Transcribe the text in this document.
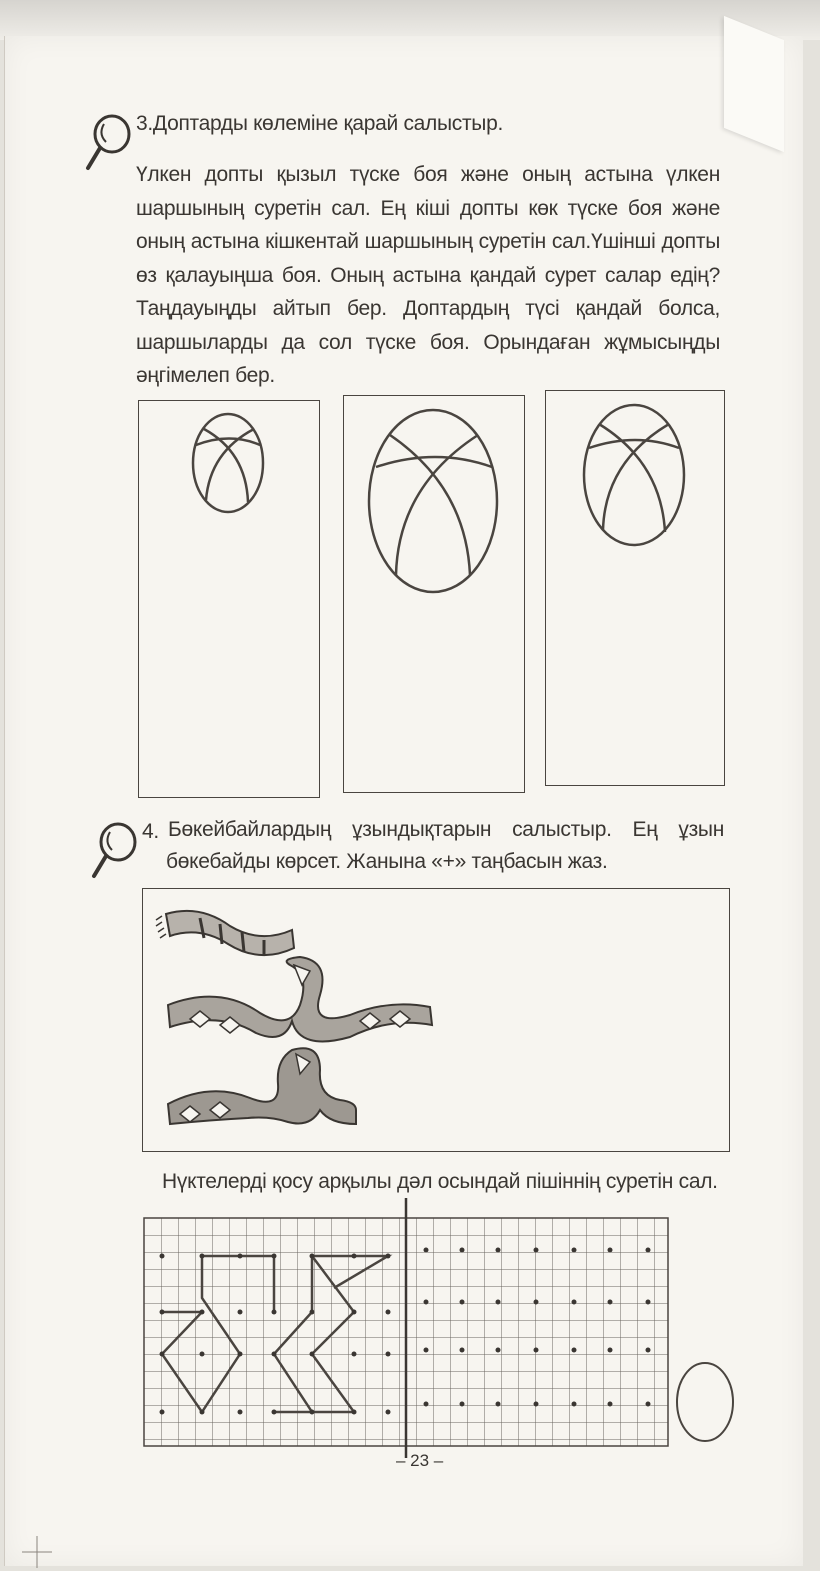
3.Доптарды көлеміне қарай салыстыр.
Үлкен допты қызыл түске боя және оның астына үлкен шаршының суретін сал. Ең кіші допты көк түске боя және оның астына кішкентай шаршының суретін сал.Үшінші допты өз қалауыңша боя. Оның астына қандай сурет салар едің? Таңдауыңды айтып бер. Доптардың түсі қандай болса, шаршыларды да сол түске боя. Орындаған жұмысыңды әңгімелеп бер.
4. Бөкейбайлардың ұзындықтарын салыстыр. Ең ұзын
бөкебайды көрсет. Жанына «+» таңбасын жаз.
Нүктелерді қосу арқылы дәл осындай пішіннің суретін сал.
– 23 –
